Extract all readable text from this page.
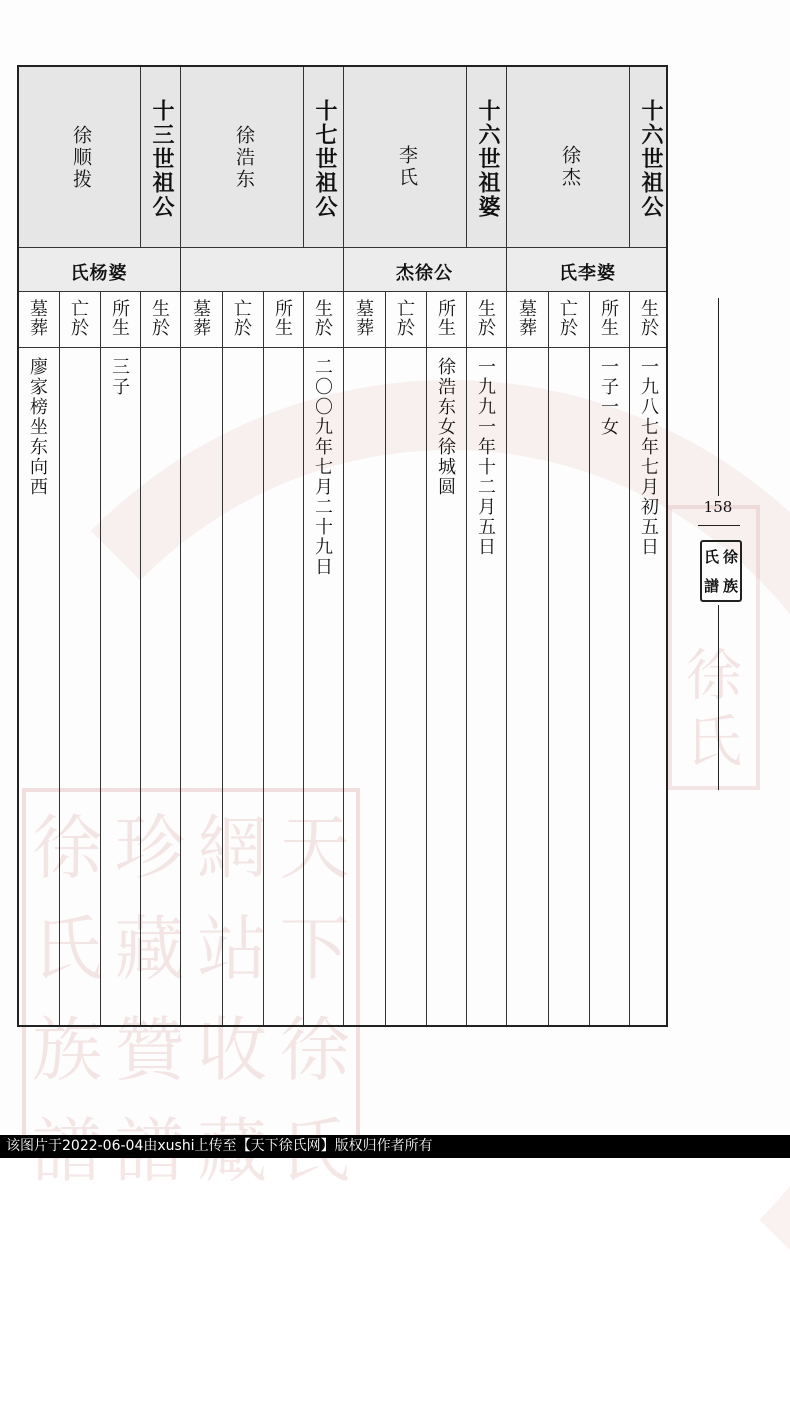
徐 珍 網 天
氏 藏 站 下
族 贊 收 徐
徐
氏
十六世祖公
徐杰
氏李婆
生於
所生
亡於
墓葬
一九八七年七月初五日
一子一女
十六世祖婆
李氏
杰徐公
生於
所生
亡於
墓葬
一九九一年十二月五日
徐浩东女徐城圆
十七世祖公
徐浩东
生於
所生
亡於
墓葬
二〇〇九年七月二十九日
十三世祖公
徐顺拨
氏杨婆
生於
所生
亡於
墓葬
三子
廖家榜坐东向西
158
徐
氏
族
譜
该图片于2022-06-04由xushi上传至【天下徐氏网】版权归作者所有
